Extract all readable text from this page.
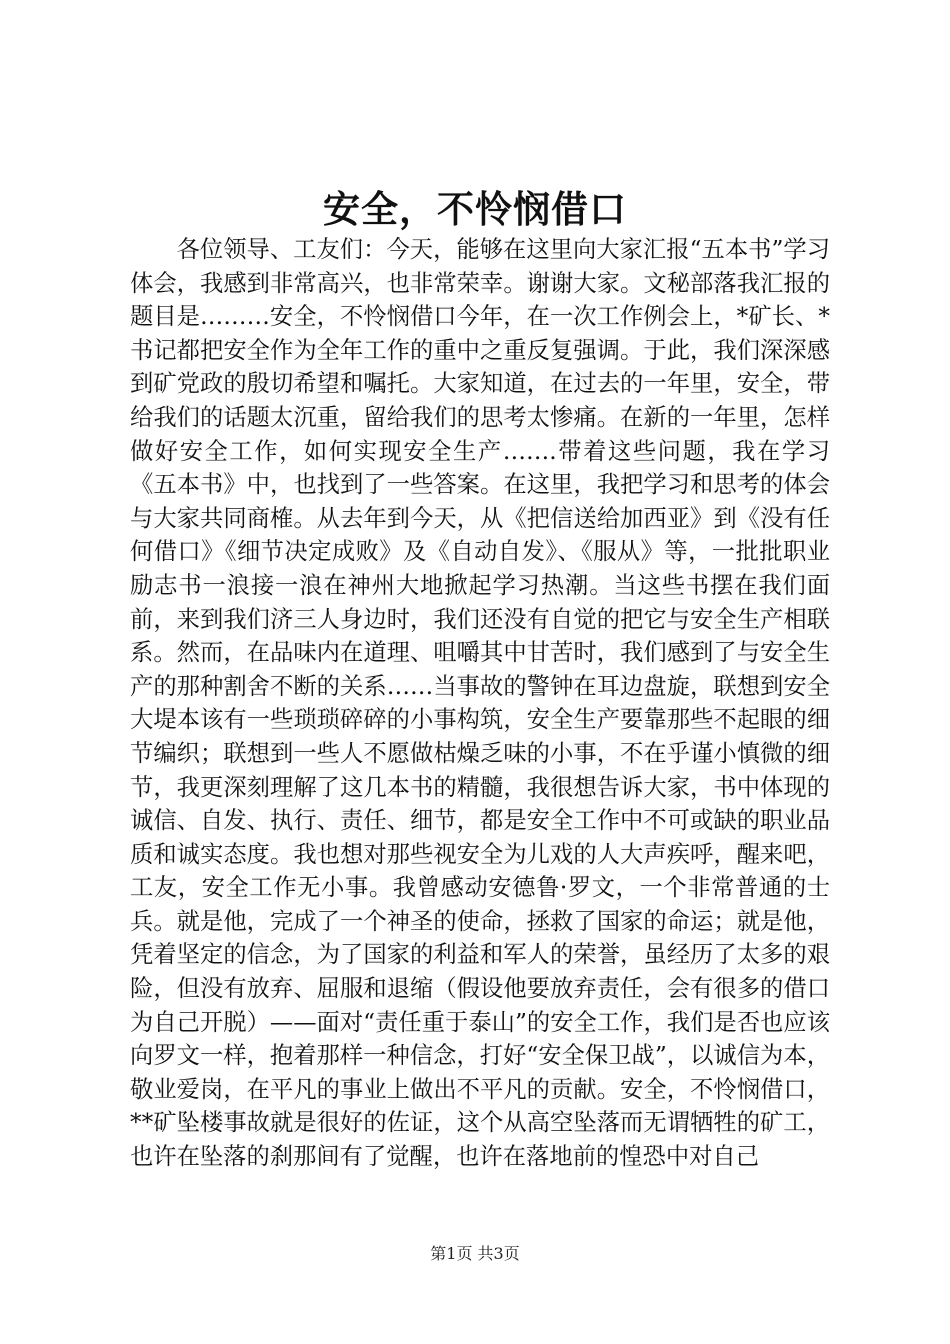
安全，不怜悯借口

各位领导、工友们：今天，能够在这里向大家汇报“五本书”学习体会，我感到非常高兴，也非常荣幸。谢谢大家。文秘部落我汇报的题目是………安全，不怜悯借口今年，在一次工作例会上，*矿长、*书记都把安全作为全年工作的重中之重反复强调。于此，我们深深感到矿党政的殷切希望和嘱托。大家知道，在过去的一年里，安全，带给我们的话题太沉重，留给我们的思考太惨痛。在新的一年里，怎样做好安全工作，如何实现安全生产…….带着这些问题，我在学习《五本书》中，也找到了一些答案。在这里，我把学习和思考的体会与大家共同商榷。从去年到今天，从《把信送给加西亚》到《没有任何借口》《细节决定成败》及《自动自发》、《服从》等，一批批职业励志书一浪接一浪在神州大地掀起学习热潮。当这些书摆在我们面前，来到我们济三人身边时，我们还没有自觉的把它与安全生产相联系。然而，在品味内在道理、咀嚼其中甘苦时，我们感到了与安全生产的那种割舍不断的关系……当事故的警钟在耳边盘旋，联想到安全大堤本该有一些琐琐碎碎的小事构筑，安全生产要靠那些不起眼的细节编织；联想到一些人不愿做枯燥乏味的小事，不在乎谨小慎微的细节，我更深刻理解了这几本书的精髓，我很想告诉大家，书中体现的诚信、自发、执行、责任、细节，都是安全工作中不可或缺的职业品质和诚实态度。我也想对那些视安全为儿戏的人大声疾呼，醒来吧，工友，安全工作无小事。我曾感动安德鲁·罗文，一个非常普通的士兵。就是他，完成了一个神圣的使命，拯救了国家的命运；就是他，凭着坚定的信念，为了国家的利益和军人的荣誉，虽经历了太多的艰险，但没有放弃、屈服和退缩（假设他要放弃责任，会有很多的借口为自己开脱）——面对“责任重于泰山”的安全工作，我们是否也应该向罗文一样，抱着那样一种信念，打好“安全保卫战”，以诚信为本，敬业爱岗，在平凡的事业上做出不平凡的贡献。安全，不怜悯借口，**矿坠楼事故就是很好的佐证，这个从高空坠落而无谓牺牲的矿工，也许在坠落的刹那间有了觉醒，也许在落地前的惶恐中对自己

第1页 共3页
